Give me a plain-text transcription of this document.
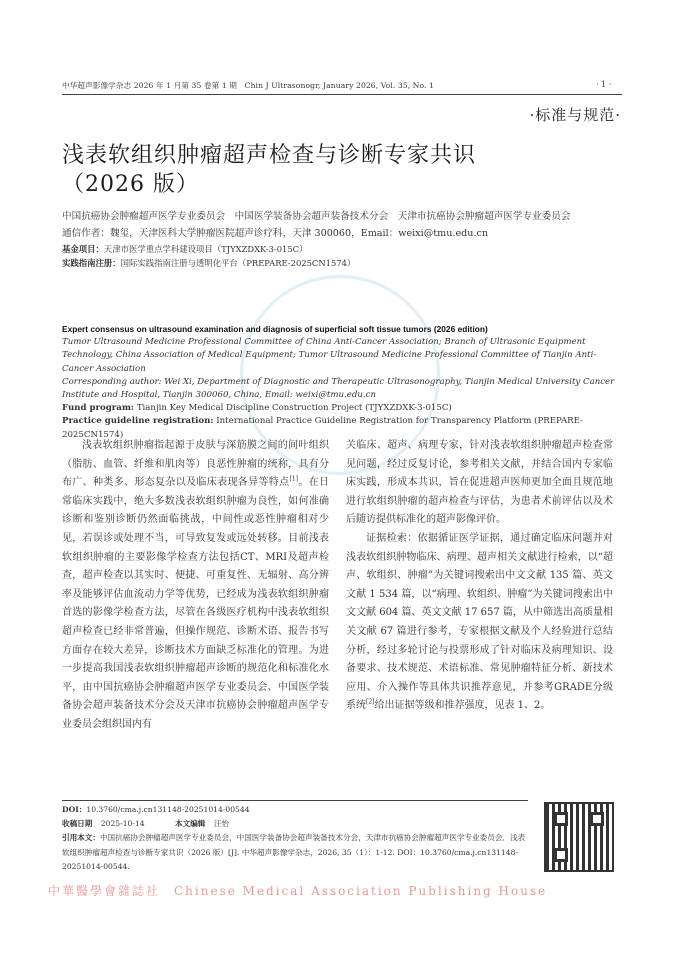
中华超声影像学杂志 2026 年 1 月第 35 卷第 1 期　Chin J Ultrasonogr, January 2026, Vol. 35, No. 1	· 1 ·
·标准与规范·
浅表软组织肿瘤超声检查与诊断专家共识
（2026 版）
中国抗癌协会肿瘤超声医学专业委员会　中国医学装备协会超声装备技术分会　天津市抗癌协会肿瘤超声医学专业委员会
通信作者：魏玺，天津医科大学肿瘤医院超声诊疗科，天津 300060，Email：weixi@tmu.edu.cn
基金项目：天津市医学重点学科建设项目（TJYXZDXK-3-015C）
实践指南注册：国际实践指南注册与透明化平台（PREPARE-2025CN1574）
Expert consensus on ultrasound examination and diagnosis of superficial soft tissue tumors (2026 edition)
Tumor Ultrasound Medicine Professional Committee of China Anti-Cancer Association; Branch of Ultrasonic Equipment Technology, China Association of Medical Equipment; Tumor Ultrasound Medicine Professional Committee of Tianjin Anti-Cancer Association
Corresponding author: Wei Xi, Department of Diagnostic and Therapeutic Ultrasonography, Tianjin Medical University Cancer Institute and Hospital, Tianjin 300060, China, Email: weixi@tmu.edu.cn
Fund program: Tianjin Key Medical Discipline Construction Project (TJYXZDXK-3-015C)
Practice guideline registration: International Practice Guideline Registration for Transparency Platform (PREPARE-2025CN1574)

浅表软组织肿瘤指起源于皮肤与深筋膜之间的间叶组织（脂肪、血管、纤维和肌肉等）良恶性肿瘤的统称，具有分布广、种类多、形态复杂以及临床表现各异等特点[1]。在日常临床实践中，绝大多数浅表软组织肿瘤为良性，如何准确诊断和鉴别诊断仍然面临挑战，中间性或恶性肿瘤相对少见，若误诊或处理不当，可导致复发或远处转移。目前浅表软组织肿瘤的主要影像学检查方法包括CT、MRI及超声检查，超声检查以其实时、便捷、可重复性、无辐射、高分辨率及能够评估血流动力学等优势，已经成为浅表软组织肿瘤首选的影像学检查方法，尽管在各级医疗机构中浅表软组织超声检查已经非常普遍，但操作规范、诊断术语、报告书写方面存在较大差异，诊断技术方面缺乏标准化的管理。为进一步提高我国浅表软组织肿瘤超声诊断的规范化和标准化水平，由中国抗癌协会肿瘤超声医学专业委员会、中国医学装备协会超声装备技术分会及天津市抗癌协会肿瘤超声医学专业委员会组织国内有

关临床、超声、病理专家，针对浅表软组织肿瘤超声检查常见问题，经过反复讨论，参考相关文献，并结合国内专家临床实践，形成本共识，旨在促进超声医师更加全面且规范地进行软组织肿瘤的超声检查与评估，为患者术前评估以及术后随访提供标准化的超声影像评价。

证据检索：依据循证医学证据，通过确定临床问题并对浅表软组织肿物临床、病理、超声相关文献进行检索，以“超声、软组织、肿瘤”为关键词搜索出中文文献 135 篇、英文文献 1 534 篇，以“病理、软组织、肿瘤”为关键词搜索出中文文献 604 篇、英文文献 17 657 篇，从中筛选出高质量相关文献 67 篇进行参考，专家根据文献及个人经验进行总结分析，经过多轮讨论与投票形成了针对临床及病理知识、设备要求、技术规范、术语标准、常见肿瘤特征分析、新技术应用、介入操作等具体共识推荐意见，并参考GRADE分级系统[2]给出证据等级和推荐强度，见表 1、2。

DOI：10.3760/cma.j.cn131148-20251014-00544
收稿日期 2025-10-14	本文编辑 汪怡
引用本文：中国抗癌协会肿瘤超声医学专业委员会，中国医学装备协会超声装备技术分会，天津市抗癌协会肿瘤超声医学专业委员会．浅表软组织肿瘤超声检查与诊断专家共识（2026 版）[J]. 中华超声影像学杂志，2026, 35（1）：1-12. DOI：10.3760/cma.j.cn131148-20251014-00544.
中華醫學會雜誌社　Chinese Medical Association Publishing House
